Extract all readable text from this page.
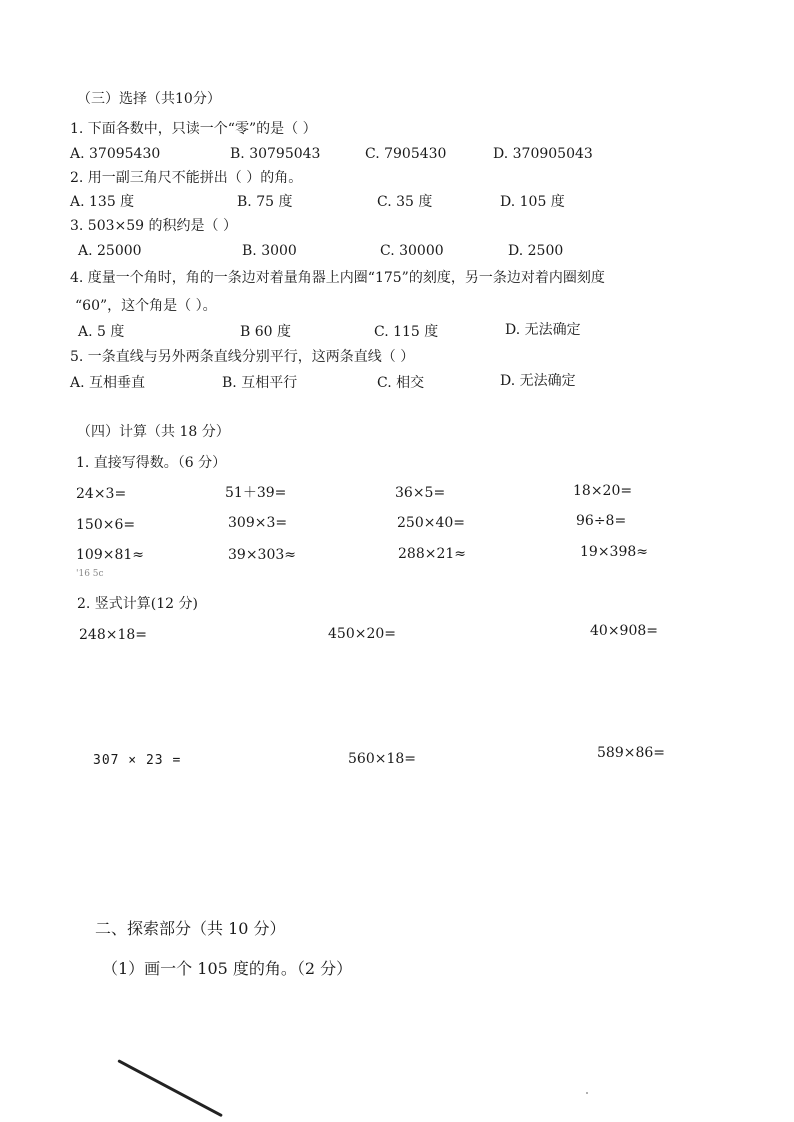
（三）选择（共10分）
1. 下面各数中，只读一个“零”的是（ ）
A. 37095430	B. 30795043	C. 7905430	D. 370905043
2. 用一副三角尺不能拼出（ ）的角。
A. 135 度	B. 75 度	C. 35 度	D. 105 度
3. 503×59 的积约是（ ）
A. 25000	B. 3000	C. 30000	D. 2500
4. 度量一个角时，角的一条边对着量角器上内圈“175”的刻度，另一条边对着内圈刻度
“60”，这个角是（ ）。
A. 5 度	B 60 度	C. 115 度	D. 无法确定
5. 一条直线与另外两条直线分别平行，这两条直线（ ）
A. 互相垂直	B. 互相平行	C. 相交	D. 无法确定
（四）计算（共 18 分）
1. 直接写得数。（6 分）
24×3=	51＋39=	36×5=	18×20=
150×6=	309×3=	250×40=	96÷8=
109×81≈	39×303≈	288×21≈	19×398≈
'16 5c
2. 竖式计算(12 分)
248×18=	450×20=	40×908=
307 × 23 =	560×18=	589×86=
二、探索部分（共 10 分）
（1）画一个 105 度的角。（2 分）
